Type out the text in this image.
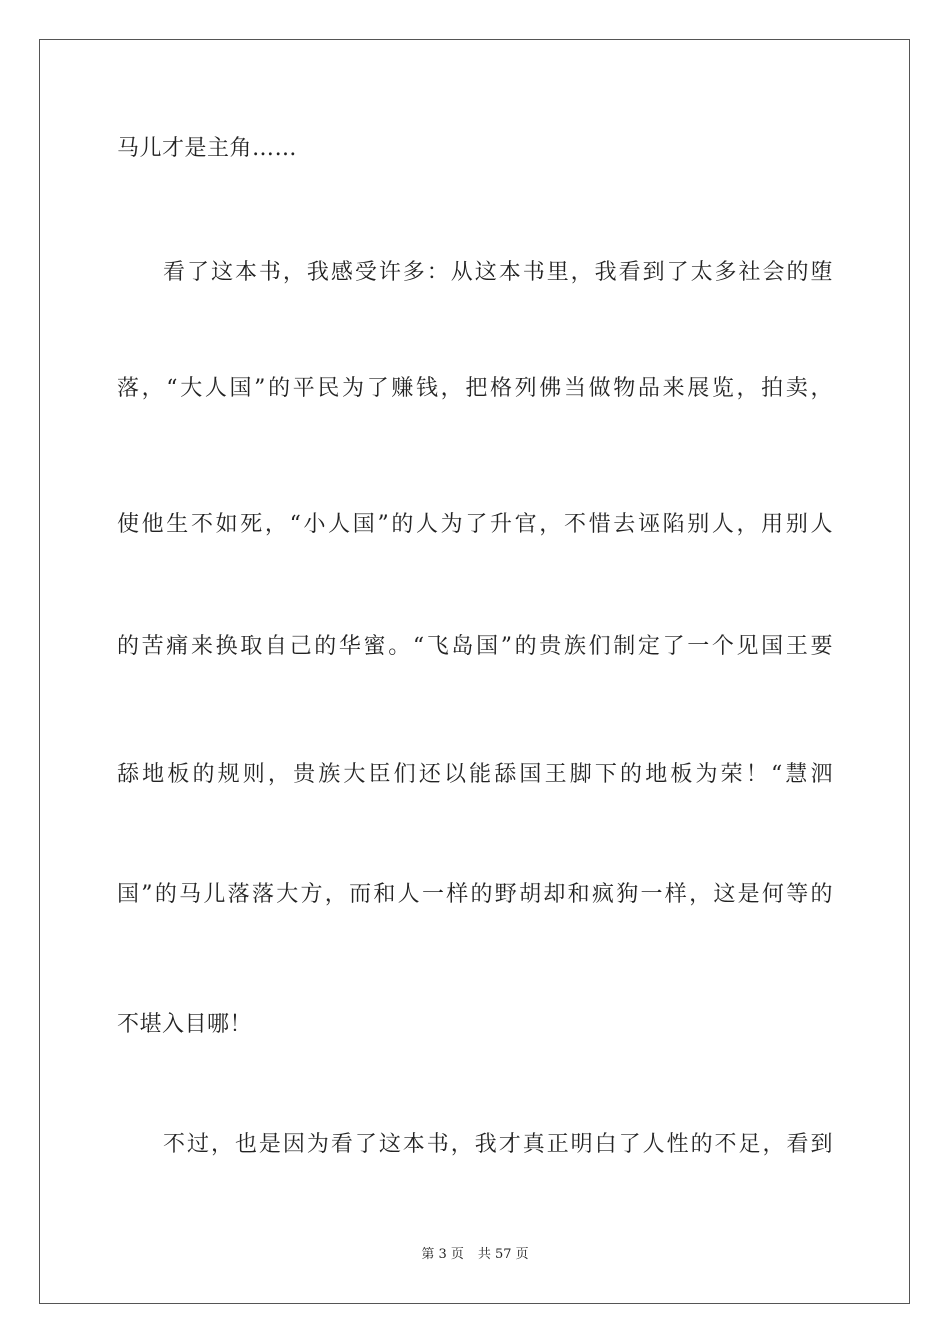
马儿才是主角……
看了这本书，我感受许多：从这本书里，我看到了太多社会的堕
落，“大人国”的平民为了赚钱，把格列佛当做物品来展览，拍卖，
使他生不如死，“小人国”的人为了升官，不惜去诬陷别人，用别人
的苦痛来换取自己的华蜜。“飞岛国”的贵族们制定了一个见国王要
舔地板的规则，贵族大臣们还以能舔国王脚下的地板为荣！“慧泗
国”的马儿落落大方，而和人一样的野胡却和疯狗一样，这是何等的
不堪入目哪！
不过，也是因为看了这本书，我才真正明白了人性的不足，看到
第 3 页 共 57 页
